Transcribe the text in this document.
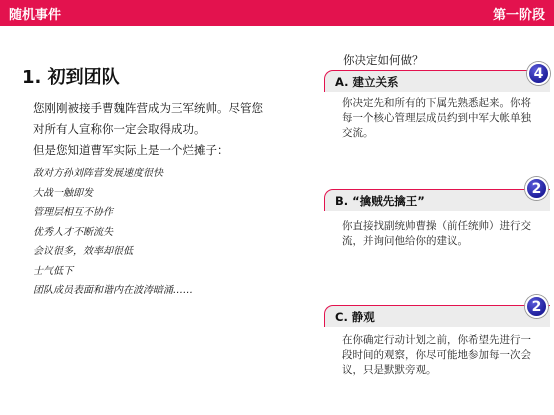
随机事件	第一阶段
1. 初到团队

您刚刚被接手曹魏阵营成为三军统帅。尽管您

对所有人宣称你一定会取得成功。

但是您知道曹军实际上是一个烂摊子：

敌对方孙刘阵营发展速度很快
大战一触即发
管理层相互不协作
优秀人才不断流失
会议很多，效率却很低
士气低下
团队成员表面和谐内在波涛暗涌……
你决定如何做？
A. 建立关系
你决定先和所有的下属先熟悉起来。你将每一个核心管理层成员约到中军大帐单独交流。
4
B. “擒贼先擒王”
你直接找副统帅曹操（前任统帅）进行交流，并询问他给你的建议。
2
C. 静观
在你确定行动计划之前，你希望先进行一段时间的观察，你尽可能地参加每一次会议，只是默默旁观。
2
